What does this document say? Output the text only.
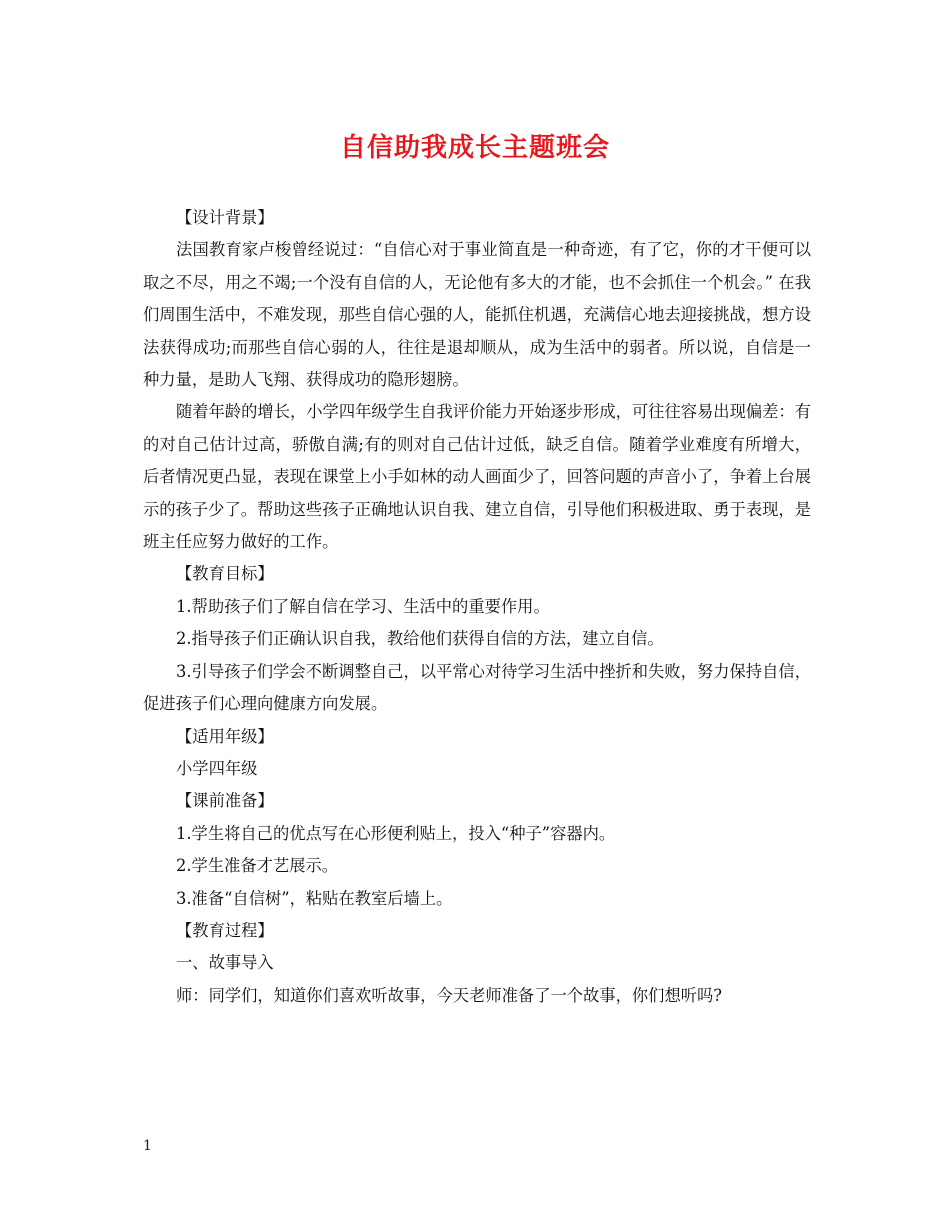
自信助我成长主题班会

【设计背景】

法国教育家卢梭曾经说过：“自信心对于事业简直是一种奇迹，有了它，你的才干便可以取之不尽，用之不竭;一个没有自信的人，无论他有多大的才能，也不会抓住一个机会。” 在我们周围生活中，不难发现，那些自信心强的人，能抓住机遇，充满信心地去迎接挑战，想方设法获得成功;而那些自信心弱的人，往往是退却顺从，成为生活中的弱者。所以说，自信是一种力量，是助人飞翔、获得成功的隐形翅膀。

随着年龄的增长，小学四年级学生自我评价能力开始逐步形成，可往往容易出现偏差：有的对自己估计过高，骄傲自满;有的则对自己估计过低，缺乏自信。随着学业难度有所增大，后者情况更凸显，表现在课堂上小手如林的动人画面少了，回答问题的声音小了，争着上台展示的孩子少了。帮助这些孩子正确地认识自我、建立自信，引导他们积极进取、勇于表现，是班主任应努力做好的工作。

【教育目标】

1.帮助孩子们了解自信在学习、生活中的重要作用。

2.指导孩子们正确认识自我，教给他们获得自信的方法，建立自信。

3.引导孩子们学会不断调整自己，以平常心对待学习生活中挫折和失败，努力保持自信，促进孩子们心理向健康方向发展。

【适用年级】

小学四年级

【课前准备】

1.学生将自己的优点写在心形便利贴上，投入“种子”容器内。

2.学生准备才艺展示。

3.准备“自信树”，粘贴在教室后墙上。

【教育过程】

一、故事导入

师：同学们，知道你们喜欢听故事，今天老师准备了一个故事，你们想听吗?

1
